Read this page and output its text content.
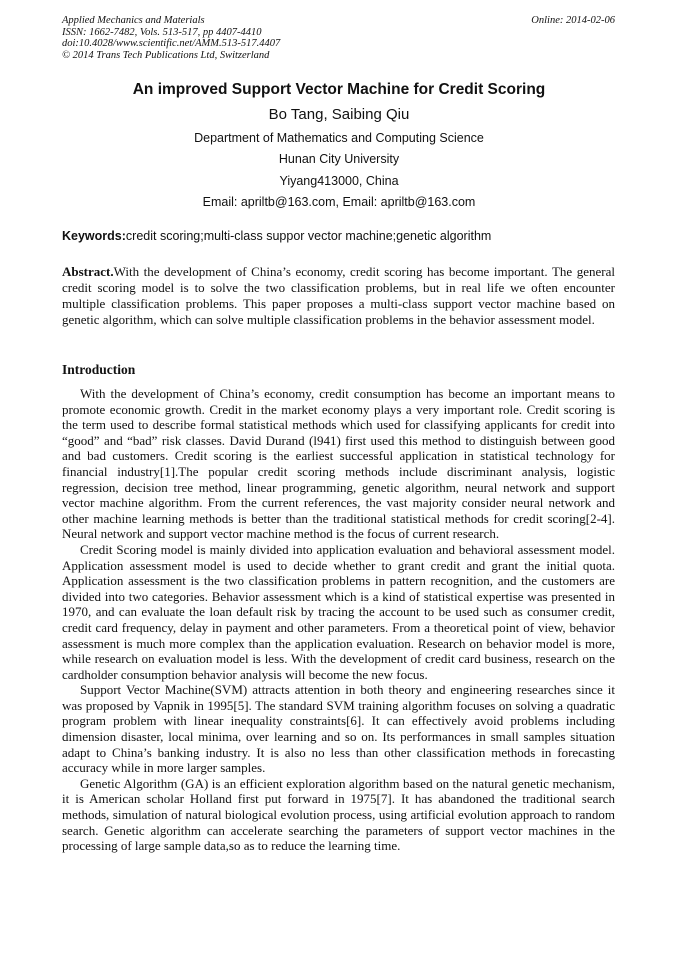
Applied Mechanics and Materials
ISSN: 1662-7482, Vols. 513-517, pp 4407-4410
doi:10.4028/www.scientific.net/AMM.513-517.4407
© 2014 Trans Tech Publications Ltd, Switzerland
Online: 2014-02-06
An improved Support Vector Machine for Credit Scoring
Bo Tang, Saibing Qiu
Department of Mathematics and Computing Science
Hunan City University
Yiyang413000, China
Email: apriltb@163.com, Email: apriltb@163.com
Keywords:credit scoring;multi-class suppor vector machine;genetic algorithm
Abstract.With the development of China’s economy, credit scoring has become important. The general credit scoring model is to solve the two classification problems, but in real life we often encounter multiple classification problems. This paper proposes a multi-class support vector machine based on genetic algorithm, which can solve multiple classification problems in the behavior assessment model.
Introduction

With the development of China’s economy, credit consumption has become an important means to promote economic growth. Credit in the market economy plays a very important role. Credit scoring is the term used to describe formal statistical methods which used for classifying applicants for credit into “good” and “bad” risk classes. David Durand (l941) first used this method to distinguish between good and bad customers. Credit scoring is the earliest successful application in statistical technology for financial industry[1].The popular credit scoring methods include discriminant analysis, logistic regression, decision tree method, linear programming, genetic algorithm, neural network and support vector machine algorithm. From the current references, the vast majority consider neural network and other machine learning methods is better than the traditional statistical methods for credit scoring[2-4]. Neural network and support vector machine method is the focus of current research.

Credit Scoring model is mainly divided into application evaluation and behavioral assessment model. Application assessment model is used to decide whether to grant credit and grant the initial quota. Application assessment is the two classification problems in pattern recognition, and the customers are divided into two categories. Behavior assessment which is a kind of statistical expertise was presented in 1970, and can evaluate the loan default risk by tracing the account to be used such as consumer credit, credit card frequency, delay in payment and other parameters. From a theoretical point of view, behavior assessment is much more complex than the application evaluation. Research on behavior model is more, while research on evaluation model is less. With the development of credit card business, research on the cardholder consumption behavior analysis will become the new focus.

Support Vector Machine(SVM) attracts attention in both theory and engineering researches since it was proposed by Vapnik in 1995[5]. The standard SVM training algorithm focuses on solving a quadratic program problem with linear inequality constraints[6]. It can effectively avoid problems including dimension disaster, local minima, over learning and so on. Its performances in small samples situation adapt to China’s banking industry. It is also no less than other classification methods in forecasting accuracy while in more larger samples.

Genetic Algorithm (GA) is an efficient exploration algorithm based on the natural genetic mechanism, it is American scholar Holland first put forward in 1975[7]. It has abandoned the traditional search methods, simulation of natural biological evolution process, using artificial evolution approach to random search. Genetic algorithm can accelerate searching the parameters of support vector machines in the processing of large sample data,so as to reduce the learning time.
